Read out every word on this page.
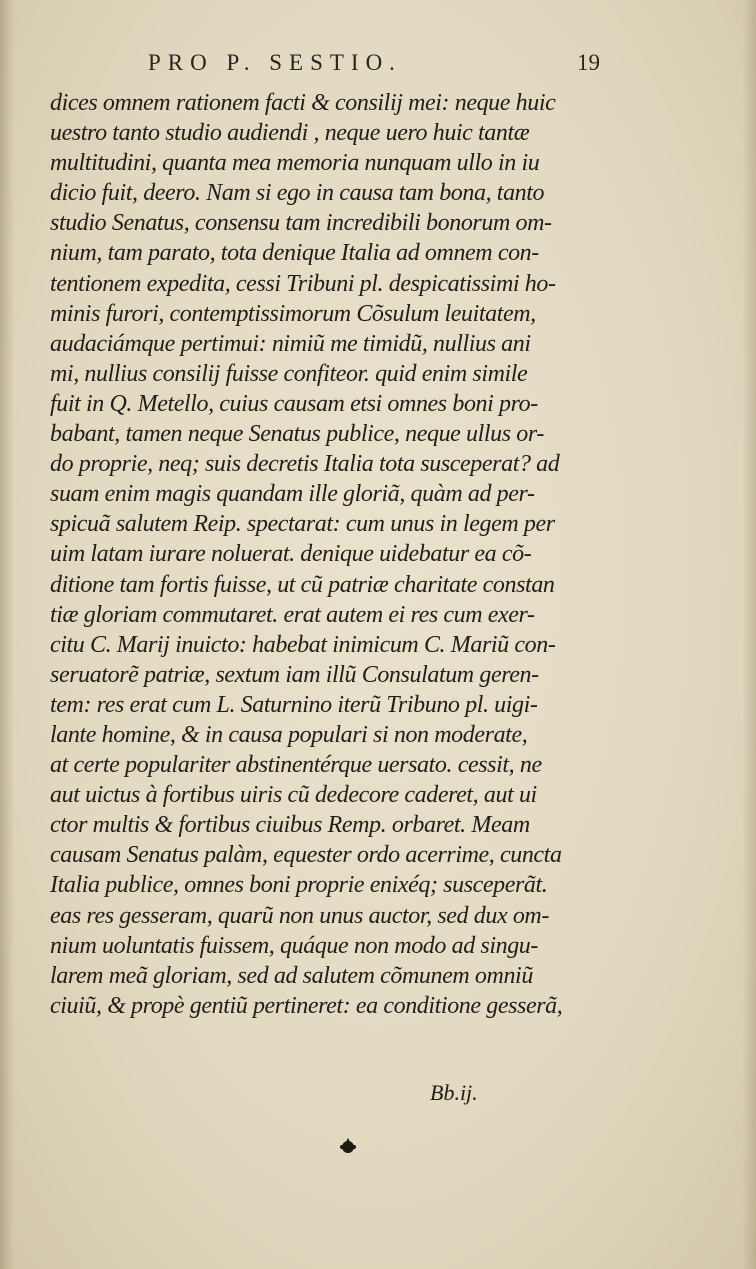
PRO P. SESTIO.	19
dices omnem rationem facti & consilij mei: neque huic
uestro tanto studio audiendi , neque uero huic tantæ
multitudini, quanta mea memoria nunquam ullo in iu
dicio fuit, deero. Nam si ego in causa tam bona, tanto
studio Senatus, consensu tam incredibili bonorum om-
nium, tam parato, tota denique Italia ad omnem con-
tentionem expedita, cessi Tribuni pl. despicatissimi ho-
minis furori, contemptissimorum Cõsulum leuitatem,
audaciámque pertimui: nimiũ me timidũ, nullius ani
mi, nullius consilij fuisse confiteor. quid enim simile
fuit in Q. Metello, cuius causam etsi omnes boni pro-
babant, tamen neque Senatus publice, neque ullus or-
do proprie, neq; suis decretis Italia tota susceperat? ad
suam enim magis quandam ille gloriã, quàm ad per-
spicuã salutem Reip. spectarat: cum unus in legem per
uim latam iurare noluerat. denique uidebatur ea cõ-
ditione tam fortis fuisse, ut cũ patriæ charitate constan
tiæ gloriam commutaret. erat autem ei res cum exer-
citu C. Marij inuicto: habebat inimicum C. Mariũ con-
seruatorẽ patriæ, sextum iam illũ Consulatum geren-
tem: res erat cum L. Saturnino iterũ Tribuno pl. uigi-
lante homine, & in causa populari si non moderate,
at certe populariter abstinentérque uersato. cessit, ne
aut uictus à fortibus uiris cũ dedecore caderet, aut ui
ctor multis & fortibus ciuibus Remp. orbaret. Meam
causam Senatus palàm, equester ordo acerrime, cuncta
Italia publice, omnes boni proprie enixéq; susceperãt.
eas res gesseram, quarũ non unus auctor, sed dux om-
nium uoluntatis fuissem, quáque non modo ad singu-
larem meã gloriam, sed ad salutem cõmunem omniũ
ciuiũ, & propè gentiũ pertineret: ea conditione gesserã,
Bb.ij.
